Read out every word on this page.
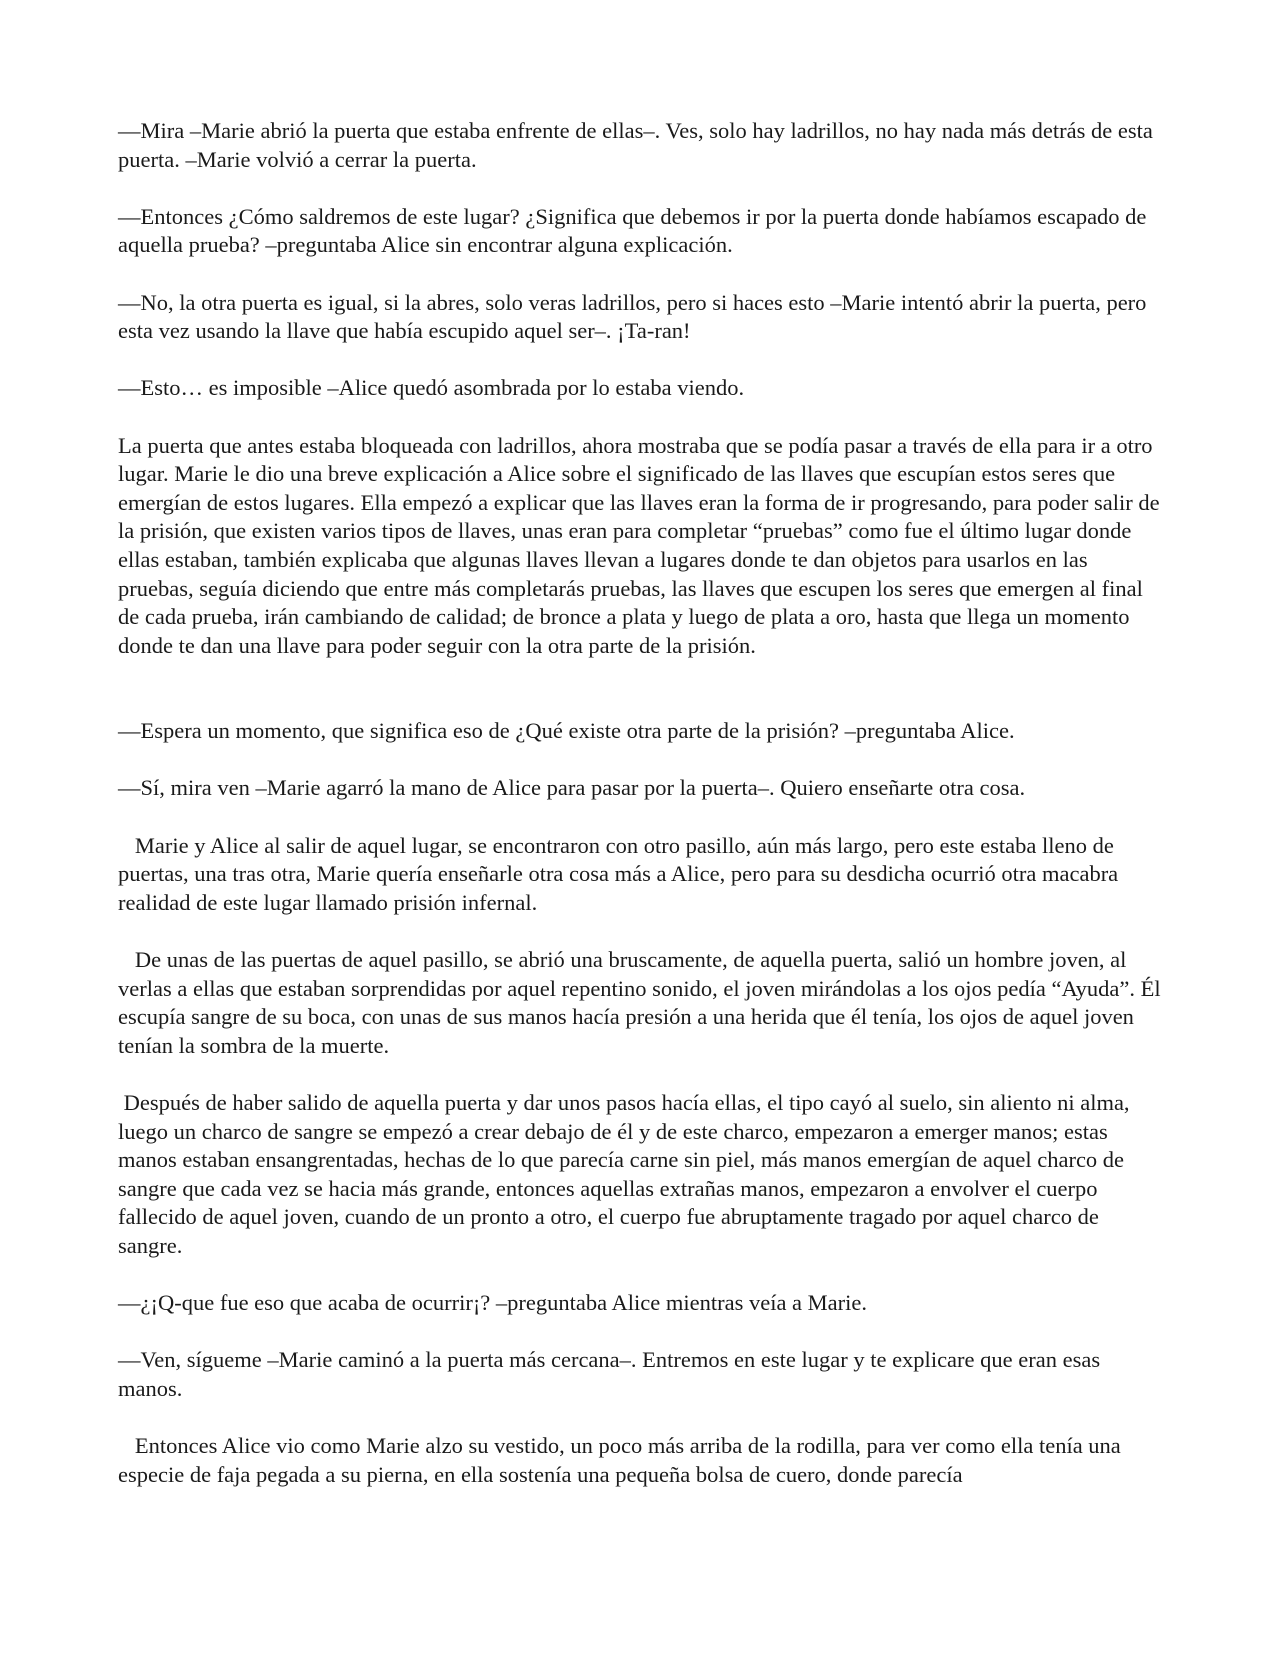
—Mira –Marie abrió la puerta que estaba enfrente de ellas–. Ves, solo hay ladrillos, no hay nada más detrás de esta puerta. –Marie volvió a cerrar la puerta.

—Entonces ¿Cómo saldremos de este lugar? ¿Significa que debemos ir por la puerta donde habíamos escapado de aquella prueba? –preguntaba Alice sin encontrar alguna explicación.

—No, la otra puerta es igual, si la abres, solo veras ladrillos, pero si haces esto –Marie intentó abrir la puerta, pero esta vez usando la llave que había escupido aquel ser–. ¡Ta-ran!

—Esto… es imposible –Alice quedó asombrada por lo estaba viendo.

La puerta que antes estaba bloqueada con ladrillos, ahora mostraba que se podía pasar a través de ella para ir a otro lugar. Marie le dio una breve explicación a Alice sobre el significado de las llaves que escupían estos seres que emergían de estos lugares. Ella empezó a explicar que las llaves eran la forma de ir progresando, para poder salir de la prisión, que existen varios tipos de llaves, unas eran para completar “pruebas” como fue el último lugar donde ellas estaban, también explicaba que algunas llaves llevan a lugares donde te dan objetos para usarlos en las pruebas, seguía diciendo que entre más completarás pruebas, las llaves que escupen los seres que emergen al final de cada prueba, irán cambiando de calidad; de bronce a plata y luego de plata a oro, hasta que llega un momento donde te dan una llave para poder seguir con la otra parte de la prisión.

—Espera un momento, que significa eso de ¿Qué existe otra parte de la prisión? –preguntaba Alice.

—Sí, mira ven –Marie agarró la mano de Alice para pasar por la puerta–. Quiero enseñarte otra cosa.

Marie y Alice al salir de aquel lugar, se encontraron con otro pasillo, aún más largo, pero este estaba lleno de puertas, una tras otra, Marie quería enseñarle otra cosa más a Alice, pero para su desdicha ocurrió otra macabra realidad de este lugar llamado prisión infernal.

De unas de las puertas de aquel pasillo, se abrió una bruscamente, de aquella puerta, salió un hombre joven, al verlas a ellas que estaban sorprendidas por aquel repentino sonido, el joven mirándolas a los ojos pedía “Ayuda”. Él escupía sangre de su boca, con unas de sus manos hacía presión a una herida que él tenía, los ojos de aquel joven tenían la sombra de la muerte.

Después de haber salido de aquella puerta y dar unos pasos hacía ellas, el tipo cayó al suelo, sin aliento ni alma, luego un charco de sangre se empezó a crear debajo de él y de este charco, empezaron a emerger manos; estas manos estaban ensangrentadas, hechas de lo que parecía carne sin piel, más manos emergían de aquel charco de sangre que cada vez se hacia más grande, entonces aquellas extrañas manos, empezaron a envolver el cuerpo fallecido de aquel joven, cuando de un pronto a otro, el cuerpo fue abruptamente tragado por aquel charco de sangre.

—¿¡Q-que fue eso que acaba de ocurrir¡? –preguntaba Alice mientras veía a Marie.

—Ven, sígueme –Marie caminó a la puerta más cercana–. Entremos en este lugar y te explicare que eran esas manos.

Entonces Alice vio como Marie alzo su vestido, un poco más arriba de la rodilla, para ver como ella tenía una especie de faja pegada a su pierna, en ella sostenía una pequeña bolsa de cuero, donde parecía
